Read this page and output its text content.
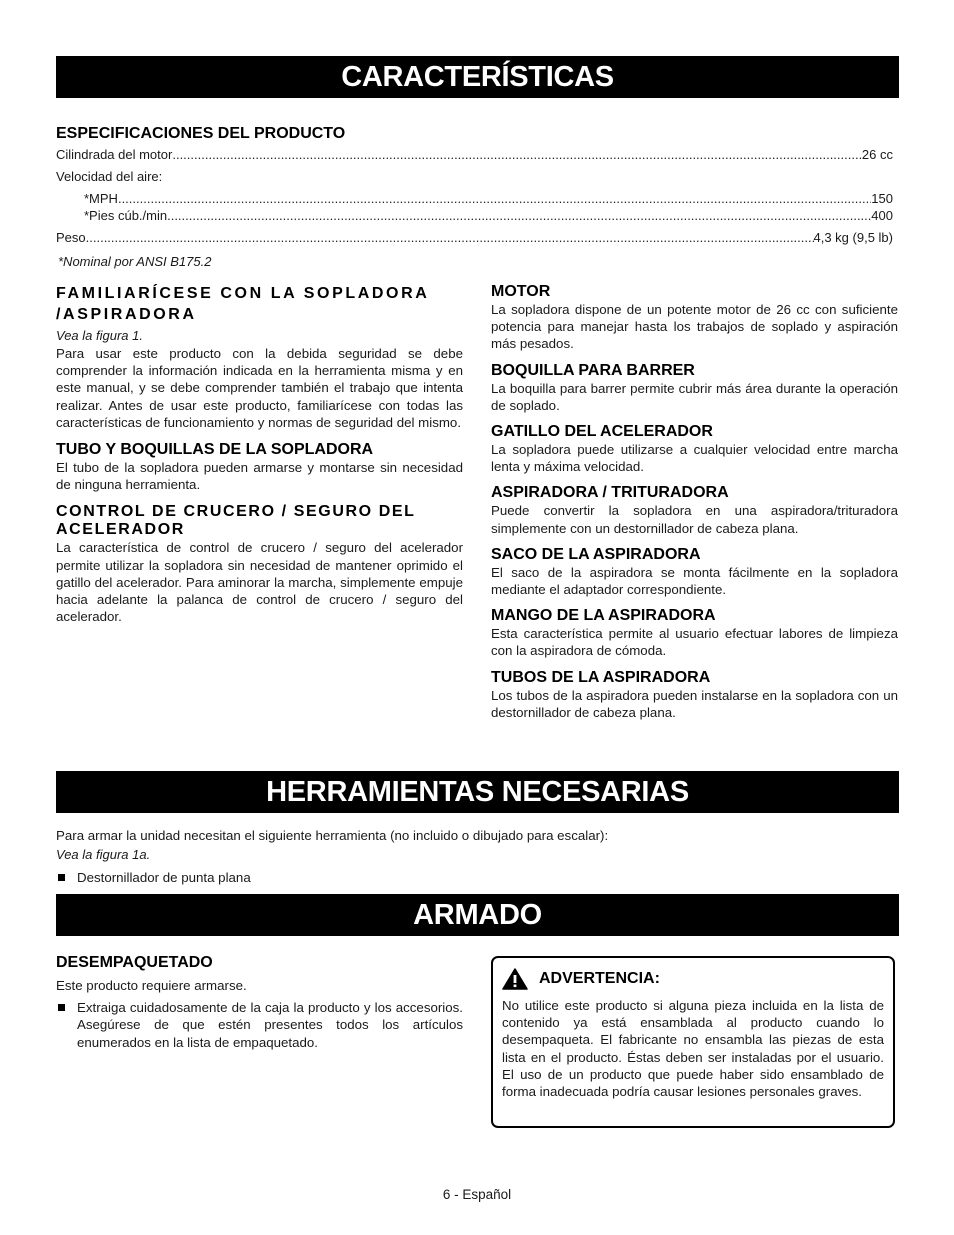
CARACTERÍSTICAS
ESPECIFICACIONES DEL PRODUCTO
Cilindrada del motor .....	26 cc
Velocidad del aire:
*MPH .....	150
*Pies cúb./min. .....	400
Peso .....	4,3 kg (9,5 lb)
*Nominal por ANSI B175.2
FAMILIARÍCESE CON LA SOPLADORA /ASPIRADORA
Vea la figura 1.
Para usar este producto con la debida seguridad se debe comprender la información indicada en la herramienta misma y en este manual, y se debe comprender también el trabajo que intenta realizar. Antes de usar este producto, familiarícese con todas las características de funcionamiento y normas de seguridad del mismo.
TUBO Y BOQUILLAS DE LA SOPLADORA
El tubo de la sopladora pueden armarse y montarse sin necesidad de ninguna herramienta.
CONTROL DE CRUCERO / SEGURO DEL ACELERADOR
La característica de control de crucero / seguro del acelerador permite utilizar la sopladora sin necesidad de mantener oprimido el gatillo del acelerador. Para aminorar la marcha, simplemente empuje hacia adelante la palanca de control de crucero / seguro del acelerador.
MOTOR
La sopladora dispone de un potente motor de 26 cc con suficiente potencia para manejar hasta los trabajos de soplado y aspiración más pesados.
BOQUILLA PARA BARRER
La boquilla para barrer permite cubrir más área durante la operación de soplado.
GATILLO DEL ACELERADOR
La sopladora puede utilizarse a cualquier velocidad entre marcha lenta y máxima velocidad.
ASPIRADORA / TRITURADORA
Puede convertir la sopladora en una aspiradora/trituradora simplemente con un destornillador de cabeza plana.
SACO DE LA ASPIRADORA
El saco de la aspiradora se monta fácilmente en la sopladora mediante el adaptador correspondiente.
MANGO DE LA ASPIRADORA
Esta característica permite al usuario efectuar labores de limpieza con la aspiradora de cómoda.
TUBOS DE LA ASPIRADORA
Los tubos de la aspiradora pueden instalarse en la sopladora con un destornillador de cabeza plana.
HERRAMIENTAS NECESARIAS
Para armar la unidad necesitan el siguiente herramienta (no incluido o dibujado para escalar):
Vea la figura 1a.
Destornillador de punta plana
ARMADO
DESEMPAQUETADO
Este producto requiere armarse.
Extraiga cuidadosamente de la caja la producto y los accesorios. Asegúrese de que estén presentes todos los artículos enumerados en la lista de empaquetado.
ADVERTENCIA:
No utilice este producto si alguna pieza incluida en la lista de contenido ya está ensamblada al producto cuando lo desempaqueta. El fabricante no ensambla las piezas de esta lista en el producto. Éstas deben ser instaladas por el usuario. El uso de un producto que puede haber sido ensamblado de forma inadecuada podría causar lesiones personales graves.
6 - Español
